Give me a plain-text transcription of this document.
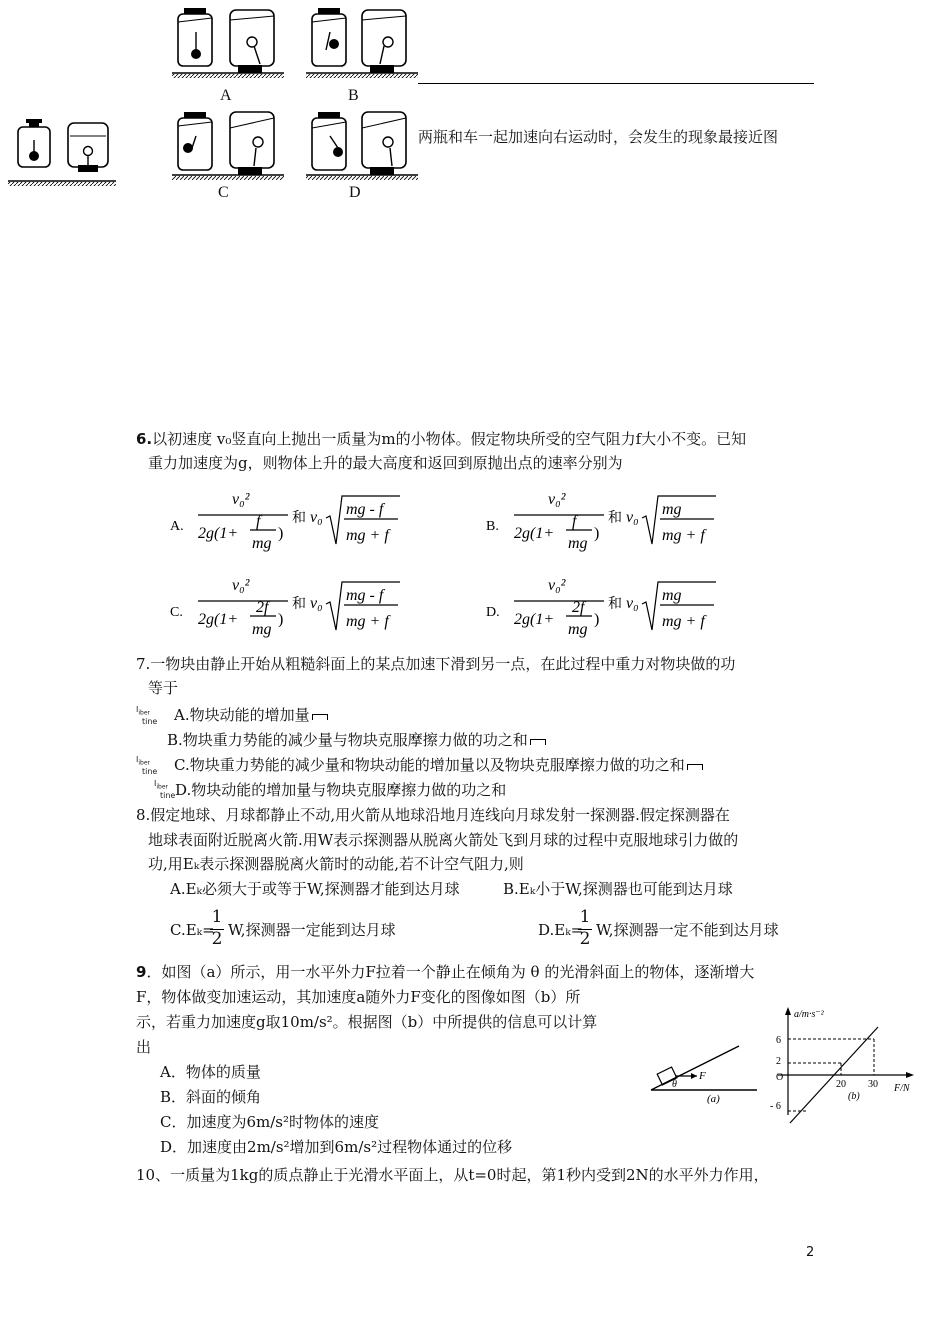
A	B
C	D
两瓶和车一起加速向右运动时，会发生的现象最接近图
6.以初速度 v₀竖直向上抛出一质量为m的小物体。假定物块所受的空气阻力f大小不变。已知
重力加速度为g，则物体上升的最大高度和返回到原抛出点的速率分别为
A.
v₀²
2g(1+
f
mg
)
和 v₀ mg - f
mg + f
B.
v₀²
2g(1+
f
mg
)
和 v₀ mg
mg + f
C.
v₀²
2g(1+
2f
mg
)
和 v₀ mg - f
mg + f
D.
v₀²
2g(1+
2f
mg
)
和 v₀ mg
mg + f
7.一物块由静止开始从粗糙斜面上的某点加速下滑到另一点，在此过程中重力对物块做的功
等于
$I_{iber}$
tine A.物块动能的增加量
B.物块重力势能的减少量与物块克服摩擦力做的功之和
$I_{iber}$
tine C.物块重力势能的减少量和物块动能的增加量以及物块克服摩擦力做的功之和
$I_{iber}$
tine D.物块动能的增加量与物块克服摩擦力做的功之和
8.假定地球、月球都静止不动,用火箭从地球沿地月连线向月球发射一探测器.假定探测器在
地球表面附近脱离火箭.用W表示探测器从脱离火箭处飞到月球的过程中克服地球引力做的
功,用Eₖ表示探测器脱离火箭时的动能,若不计空气阻力,则
A.Eₖ必须大于或等于W,探测器才能到达月球	B.Eₖ小于W,探测器也可能到达月球
C.Eₖ=
1
2 W,探测器一定能到达月球	D.Eₖ=
1
2 W,探测器一定不能到达月球
9．如图（a）所示，用一水平外力F拉着一个静止在倾角为 θ 的光滑斜面上的物体，逐渐增大
F，物体做变加速运动，其加速度a随外力F变化的图像如图（b）所
示，若重力加速度g取10m/s²。根据图（b）中所提供的信息可以计算
出
A．物体的质量
B．斜面的倾角
C．加速度为6m/s²时物体的速度
D．加速度由2m/s²增加到6m/s²过程物体通过的位移
F
θ
(a)
a/m·s⁻²
6
2
O
- 6
20 30 F/N
(b)
10、一质量为1kg的质点静止于光滑水平面上，从t=0时起，第1秒内受到2N的水平外力作用，
2
